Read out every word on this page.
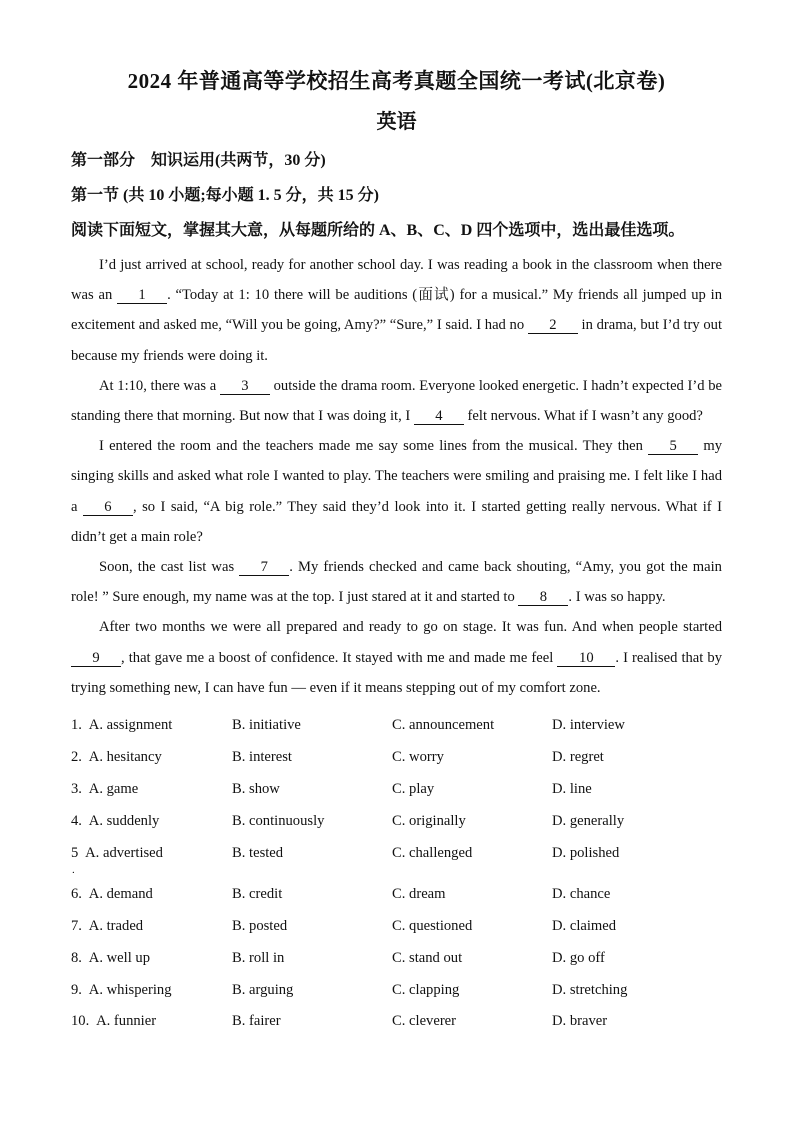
2024 年普通高等学校招生高考真题全国统一考试(北京卷)
英语
第一部分　知识运用(共两节，30 分)
第一节 (共 10 小题;每小题 1. 5 分，共 15 分)
阅读下面短文，掌握其大意，从每题所给的 A、B、C、D 四个选项中，选出最佳选项。

I’d just arrived at school, ready for another school day. I was reading a book in the classroom when there was an 1 . “Today at 1: 10 there will be auditions (面试) for a musical.” My friends all jumped up in excitement and asked me, “Will you be going, Amy?” “Sure,” I said. I had no 2 in drama, but I’d try out because my friends were doing it.

At 1:10, there was a 3 outside the drama room. Everyone looked energetic. I hadn’t expected I’d be standing there that morning. But now that I was doing it, I 4 felt nervous. What if I wasn’t any good?

I entered the room and the teachers made me say some lines from the musical. They then 5 my singing skills and asked what role I wanted to play. The teachers were smiling and praising me. I felt like I had a 6 , so I said, “A big role.” They said they’d look into it. I started getting really nervous. What if I didn’t get a main role?

Soon, the cast list was 7 . My friends checked and came back shouting, “Amy, you got the main role! ” Sure enough, my name was at the top. I just stared at it and started to 8 . I was so happy.

After two months we were all prepared and ready to go on stage. It was fun. And when people started 9 , that gave me a boost of confidence. It stayed with me and made me feel 10 . I realised that by trying something new, I can have fun — even if it means stepping out of my comfort zone.

1. A. assignment	B. initiative	C. announcement	D. interview
2. A. hesitancy	B. interest	C. worry	D. regret
3. A. game	B. show	C. play	D. line
4. A. suddenly	B. continuously	C. originally	D. generally
5
.
A. advertised	B. tested	C. challenged	D. polished
6. A. demand	B. credit	C. dream	D. chance
7. A. traded	B. posted	C. questioned	D. claimed
8. A. well up	B. roll in	C. stand out	D. go off
9. A. whispering	B. arguing	C. clapping	D. stretching
10. A. funnier	B. fairer	C. cleverer	D. braver
